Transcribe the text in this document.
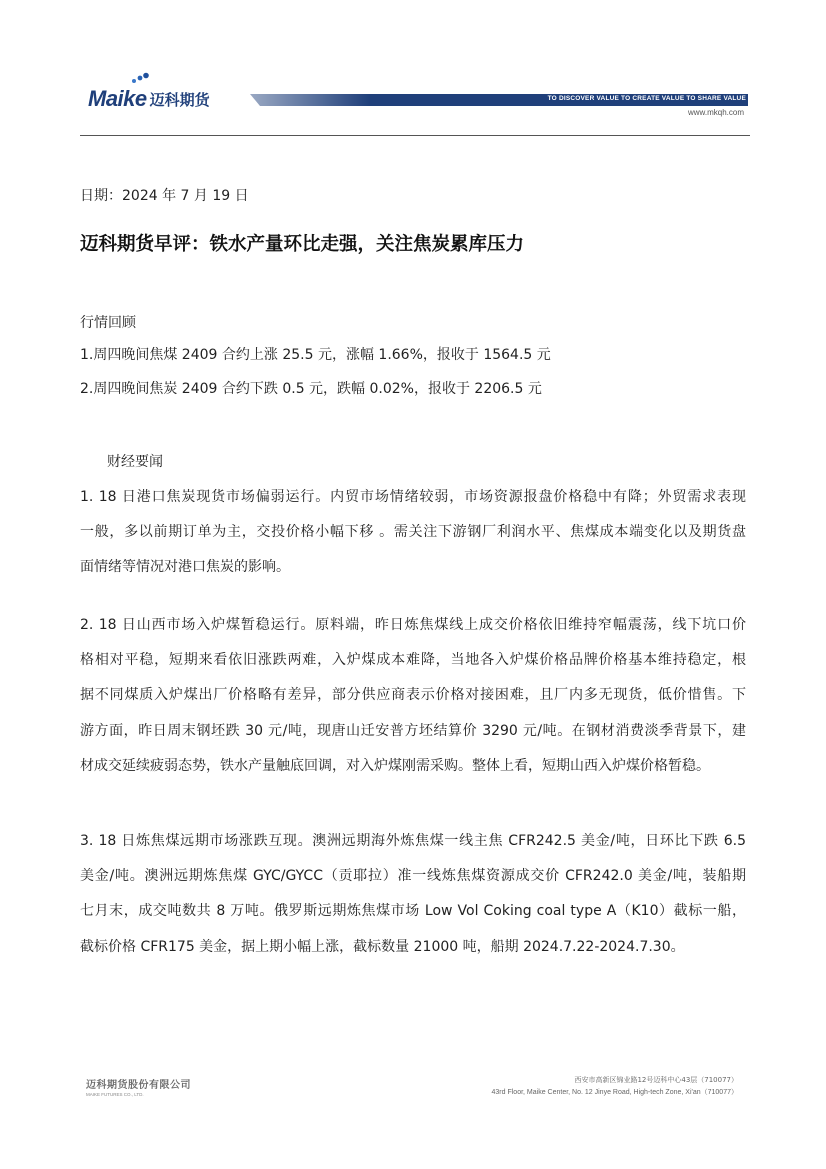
Maike 迈科期货	TO DISCOVER VALUE TO CREATE VALUE TO SHARE VALUE
www.mkqh.com
日期：2024 年 7 月 19 日
迈科期货早评：铁水产量环比走强，关注焦炭累库压力
行情回顾
1.周四晚间焦煤 2409 合约上涨 25.5 元，涨幅 1.66%，报收于 1564.5 元
2.周四晚间焦炭 2409 合约下跌 0.5 元，跌幅 0.02%，报收于 2206.5 元
财经要闻
1. 18 日港口焦炭现货市场偏弱运行。内贸市场情绪较弱，市场资源报盘价格稳中有降；外贸需求表现
一般，多以前期订单为主，交投价格小幅下移 。需关注下游钢厂利润水平、焦煤成本端变化以及期货盘
面情绪等情况对港口焦炭的影响。
2. 18 日山西市场入炉煤暂稳运行。原料端，昨日炼焦煤线上成交价格依旧维持窄幅震荡，线下坑口价
格相对平稳，短期来看依旧涨跌两难，入炉煤成本难降，当地各入炉煤价格品牌价格基本维持稳定，根
据不同煤质入炉煤出厂价格略有差异，部分供应商表示价格对接困难，且厂内多无现货，低价惜售。下
游方面，昨日周末钢坯跌 30 元/吨，现唐山迁安普方坯结算价 3290 元/吨。在钢材消费淡季背景下，建
材成交延续疲弱态势，铁水产量触底回调，对入炉煤刚需采购。整体上看，短期山西入炉煤价格暂稳。
3. 18 日炼焦煤远期市场涨跌互现。澳洲远期海外炼焦煤一线主焦 CFR242.5 美金/吨，日环比下跌 6.5
美金/吨。澳洲远期炼焦煤 GYC/GYCC（贡耶拉）准一线炼焦煤资源成交价 CFR242.0 美金/吨，装船期
七月末，成交吨数共 8 万吨。俄罗斯远期炼焦煤市场 Low Vol Coking coal type A（K10）截标一船，
截标价格 CFR175 美金，据上期小幅上涨，截标数量 21000 吨，船期 2024.7.22-2024.7.30。
迈科期货股份有限公司
MAIKE FUTURES CO., LTD.
西安市高新区锦业路12号迈科中心43层（710077）
43rd Floor, Maike Center, No. 12 Jinye Road, High-tech Zone, Xi'an（710077）
